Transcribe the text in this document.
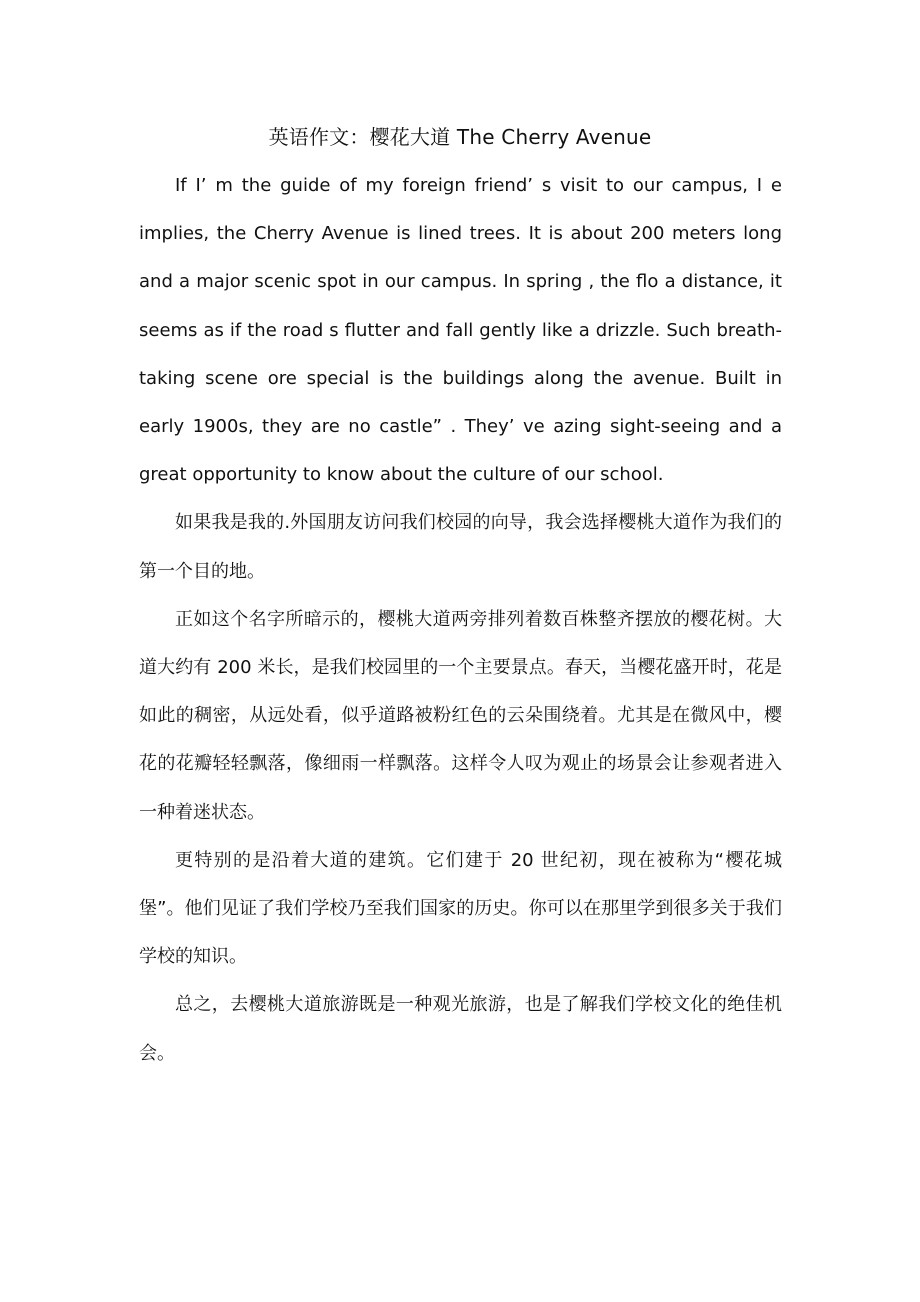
英语作文：樱花大道 The Cherry Avenue

If I’ m the guide of my foreign friend’ s visit to our campus, I e implies, the Cherry Avenue is lined trees. It is about 200 meters long and a major scenic spot in our campus. In spring , the flo a distance, it seems as if the road s flutter and fall gently like a drizzle. Such breath-taking scene ore special is the buildings along the avenue. Built in early 1900s, they are no castle” . They’ ve azing sight-seeing and a great opportunity to know about the culture of our school.

如果我是我的.外国朋友访问我们校园的向导，我会选择樱桃大道作为我们的第一个目的地。

正如这个名字所暗示的，樱桃大道两旁排列着数百株整齐摆放的樱花树。大道大约有 200 米长，是我们校园里的一个主要景点。春天，当樱花盛开时，花是如此的稠密，从远处看，似乎道路被粉红色的云朵围绕着。尤其是在微风中，樱花的花瓣轻轻飘落，像细雨一样飘落。这样令人叹为观止的场景会让参观者进入一种着迷状态。

更特别的是沿着大道的建筑。它们建于 20 世纪初，现在被称为“樱花城堡”。他们见证了我们学校乃至我们国家的历史。你可以在那里学到很多关于我们学校的知识。

总之，去樱桃大道旅游既是一种观光旅游，也是了解我们学校文化的绝佳机会。
